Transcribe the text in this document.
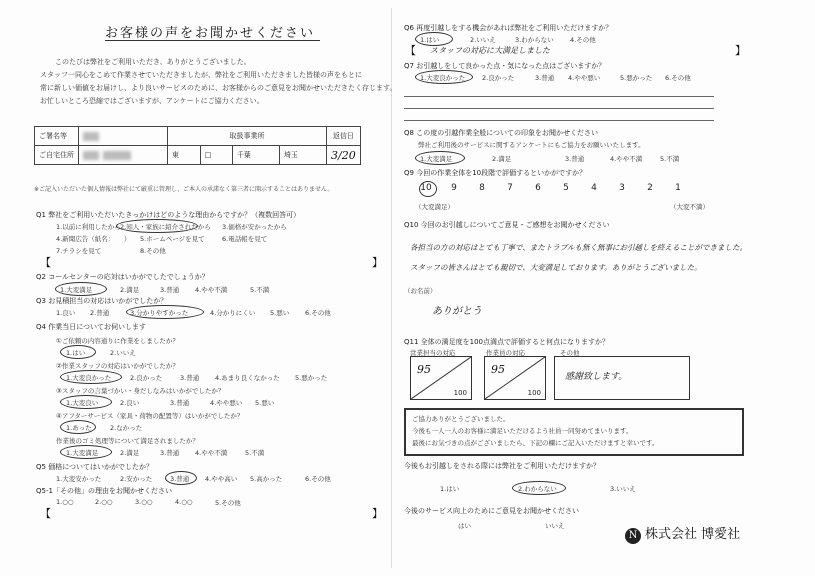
お客様の声をお聞かせください
このたびは弊社をご利用いただき、ありがとうございました。
スタッフ一同心をこめて作業させていただきましたが、弊社をご利用いただきました皆様の声をもとに
常に新しい価値をお届けし、より良いサービスのために、お客様からのご意見をお聞かせいただきたく存じます。
お忙しいところ恐縮ではございますが、アンケートにご協力ください。
ご署名等		取扱事業所				返信日
ご自宅住所		東	□	千葉	埼玉	3/20
※ご記入いただいた個人情報は弊社にて厳重に管理し、ご本人の承諾なく第三者に開示することはありません。
Q1 弊社をご利用いただいたきっかけはどのような理由からですか？（複数回答可）
1.以前に利用したから 2.知人・家族に紹介されたから 3.価格が安かったから
4.新聞広告（紙名：　　） 5.ホームページを見て	6.電話帳を見て
7.チラシを見て	8.その他
【	】
Q2 コールセンターの応対はいかがでしたでしょうか？
1.大変満足	2.満足	3.普通 4.やや不満	5.不満
Q3 お見積担当の対応はいかがでしたか？
1.良い 2.普通	3.分かりやすかった	4.分かりにくい 5.悪い 6.その他
Q4 作業当日についてお伺いします
①ご依頼の内容通りに作業をしましたか？
1.はい	2.いいえ
②作業スタッフの対応はいかがでしたか？
1.大変良かった	2.良かった	3.普通 4.あまり良くなかった 5.悪かった
③スタッフの言葉づかい・身だしなみはいかがでしたか？
1.大変良い	2.良い	3.普通	4.やや悪い 5.悪い
④アフターサービス（家具・荷物の配置等）はいかがでしたか？
1.あった	2.なかった
作業後のゴミ処理等について満足されましたか？
1.大変満足	2.満足	3.普通 4.やや不満	5.不満
Q5 価格についてはいかがでしたか？
1.大変安かった	2.安かった	3.普通 4.やや高い 5.高かった	6.その他
Q5-1「その他」の理由をお聞かせください
1.○○	2.○○	3.○○	4.○○	5.その他
【	】
Q6 再度引越しをする機会があれば弊社をご利用いただけますか？
1.はい	2.いいえ	3.わからない	4.その他
【 スタッフの対応に大満足しました	】
Q7 お引越しをして良かった点・気になった点はございますか？
1.大変良かった	2.良かった	3.普通 4.やや悪い	5.悪かった 6.その他
Q8 この度の引越作業全般についての印象をお聞かせください
弊社ご利用後のサービスに関するアンケートにもご協力をお願いいたします。
1.大変満足	2.満足	3.普通	4.やや不満	5.不満
Q9 今回の作業全体を10段階で評価するといかがですか？
10 9 8 7 6 5 4 3 2 1
（大変満足）	（大変不満）
Q10 今回のお引越しについてご意見・ご感想をお聞かせください
各担当の方の対応はとても丁寧で、またトラブルも無く無事にお引越しを終えることができました。
スタッフの皆さんはとても親切で、大変満足しております。ありがとうございました。
（お名前）
ありがとう
Q11 全体の満足度を100点満点で評価すると何点になりますか？
営業担当の対応	作業員の対応	その他
95
100
95
100
感謝致します。
ご協力ありがとうございました。
今後も一人一人のお客様に満足いただけるよう社員一同努めてまいります。
最後にお気づきの点がございましたら、下記の欄にご記入いただけますと幸いです。
今後もお引越しをされる際には弊社をご利用いただけますか？
1.はい	2.わからない	3.いいえ
今後のサービス向上のためにご意見をお聞かせください
はい	いいえ
N 株式会社 博愛社
